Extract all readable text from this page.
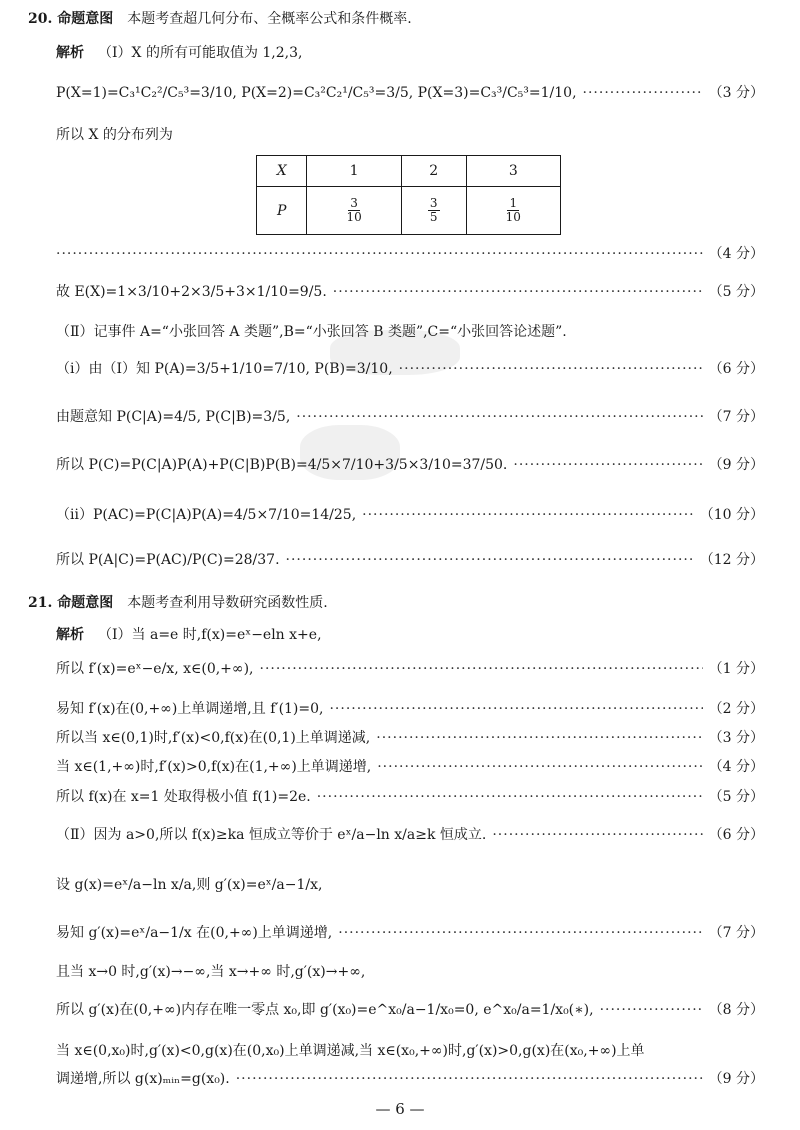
20. 命题意图 本题考查超几何分布、全概率公式和条件概率.
解析 （Ⅰ）X 的所有可能取值为 1,2,3,
P(X=1)=C₃¹C₂²/C₅³=3/10, P(X=2)=C₃²C₂¹/C₅³=3/5, P(X=3)=C₃³/C₅³=1/10, ·····	（3 分）
所以 X 的分布列为
X	1	2	3
P	$\frac{3}{10}$	$\frac{3}{5}$	$\frac{1}{10}$
·····
（4 分）
故 E(X)=1×3/10+2×3/5+3×1/10=9/5. ·····	（5 分）
（Ⅱ）记事件 A=“小张回答 A 类题”,B=“小张回答 B 类题”,C=“小张回答论述题”.
（ⅰ）由（Ⅰ）知 P(A)=3/5+1/10=7/10, P(B)=3/10, ·····	（6 分）
由题意知 P(C|A)=4/5, P(C|B)=3/5, ·····	（7 分）
所以 P(C)=P(C|A)P(A)+P(C|B)P(B)=4/5×7/10+3/5×3/10=37/50. ·····	（9 分）
（ⅱ）P(AC)=P(C|A)P(A)=4/5×7/10=14/25, ·····	（10 分）
所以 P(A|C)=P(AC)/P(C)=28/37. ·····	（12 分）
21. 命题意图 本题考查利用导数研究函数性质.
解析 （Ⅰ）当 a=e 时,f(x)=eˣ−eln x+e,
所以 f′(x)=eˣ−e/x, x∈(0,+∞), ·····	（1 分）
易知 f′(x)在(0,+∞)上单调递增,且 f′(1)=0, ·····	（2 分）
所以当 x∈(0,1)时,f′(x)<0,f(x)在(0,1)上单调递减, ·····	（3 分）
当 x∈(1,+∞)时,f′(x)>0,f(x)在(1,+∞)上单调递增, ·····	（4 分）
所以 f(x)在 x=1 处取得极小值 f(1)=2e. ·····	（5 分）
（Ⅱ）因为 a>0,所以 f(x)≥ka 恒成立等价于 eˣ/a−ln x/a≥k 恒成立. ·····	（6 分）
设 g(x)=eˣ/a−ln x/a,则 g′(x)=eˣ/a−1/x,
易知 g′(x)=eˣ/a−1/x 在(0,+∞)上单调递增, ·····	（7 分）
且当 x→0 时,g′(x)→−∞,当 x→+∞ 时,g′(x)→+∞,
所以 g′(x)在(0,+∞)内存在唯一零点 x₀,即 g′(x₀)=e^x₀/a−1/x₀=0, e^x₀/a=1/x₀(∗), ·····	（8 分）
当 x∈(0,x₀)时,g′(x)<0,g(x)在(0,x₀)上单调递减,当 x∈(x₀,+∞)时,g′(x)>0,g(x)在(x₀,+∞)上单
调递增,所以 g(x)ₘᵢₙ=g(x₀). ·····	（9 分）
— 6 —
